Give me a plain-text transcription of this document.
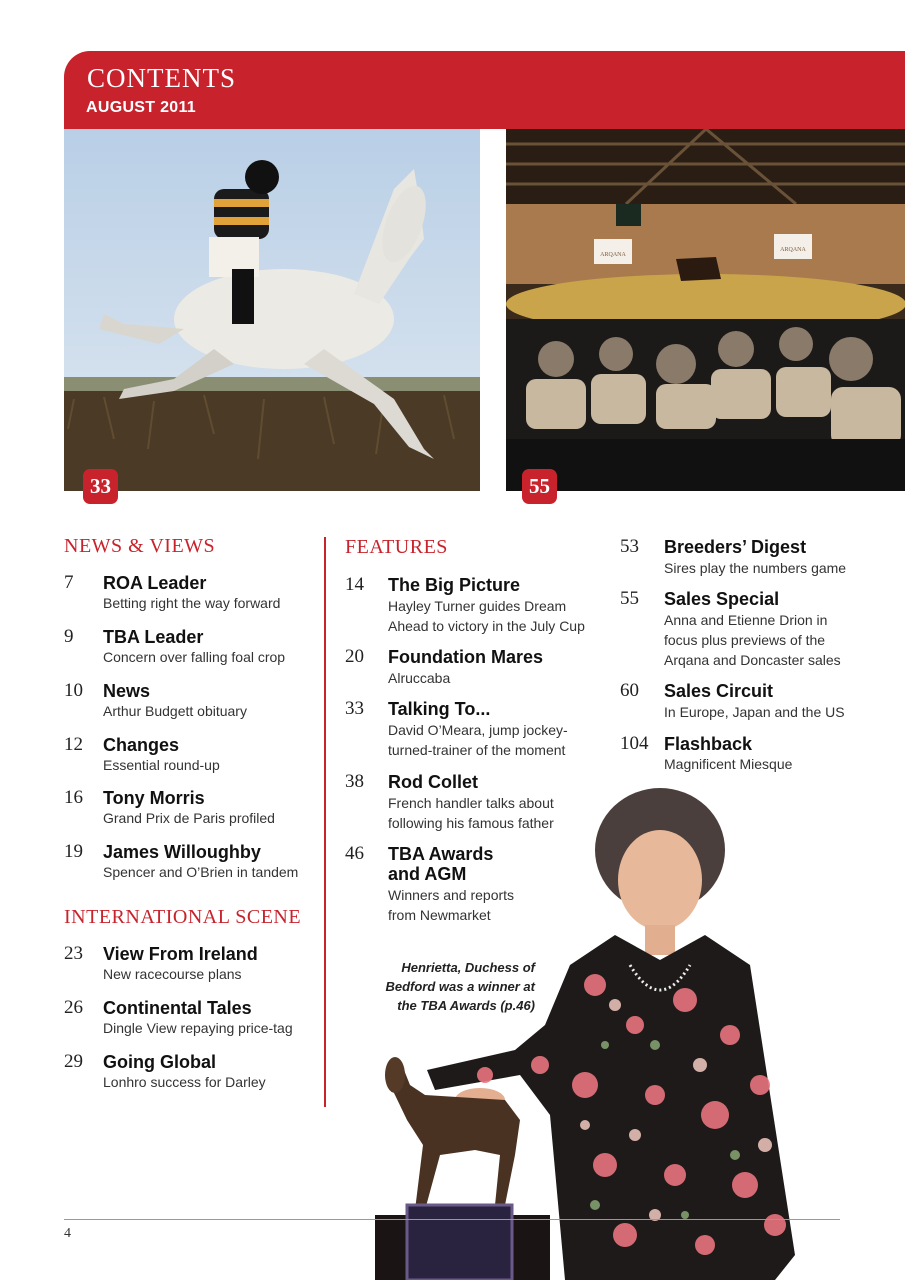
CONTENTS
AUGUST 2011
33
ARQANA
ARQANA
55
NEWS & VIEWS
7 ROA Leader
Betting right the way forward
9 TBA Leader
Concern over falling foal crop
10 News
Arthur Budgett obituary
12 Changes
Essential round-up
16 Tony Morris
Grand Prix de Paris profiled
19 James Willoughby
Spencer and O’Brien in tandem
INTERNATIONAL SCENE
23 View From Ireland
New racecourse plans
26 Continental Tales
Dingle View repaying price-tag
29 Going Global
Lonhro success for Darley
FEATURES
14 The Big Picture
Hayley Turner guides Dream
Ahead to victory in the July Cup
20 Foundation Mares
Alruccaba
33 Talking To...
David O’Meara, jump jockey-
turned-trainer of the moment
38 Rod Collet
French handler talks about
following his famous father
46 TBA Awards
and AGM
Winners and reports
from Newmarket
53 Breeders’ Digest
Sires play the numbers game
55 Sales Special
Anna and Etienne Drion in
focus plus previews of the
Arqana and Doncaster sales
60 Sales Circuit
In Europe, Japan and the US
104 Flashback
Magnificent Miesque
Henrietta, Duchess of
Bedford was a winner at
the TBA Awards (p.46)
4
